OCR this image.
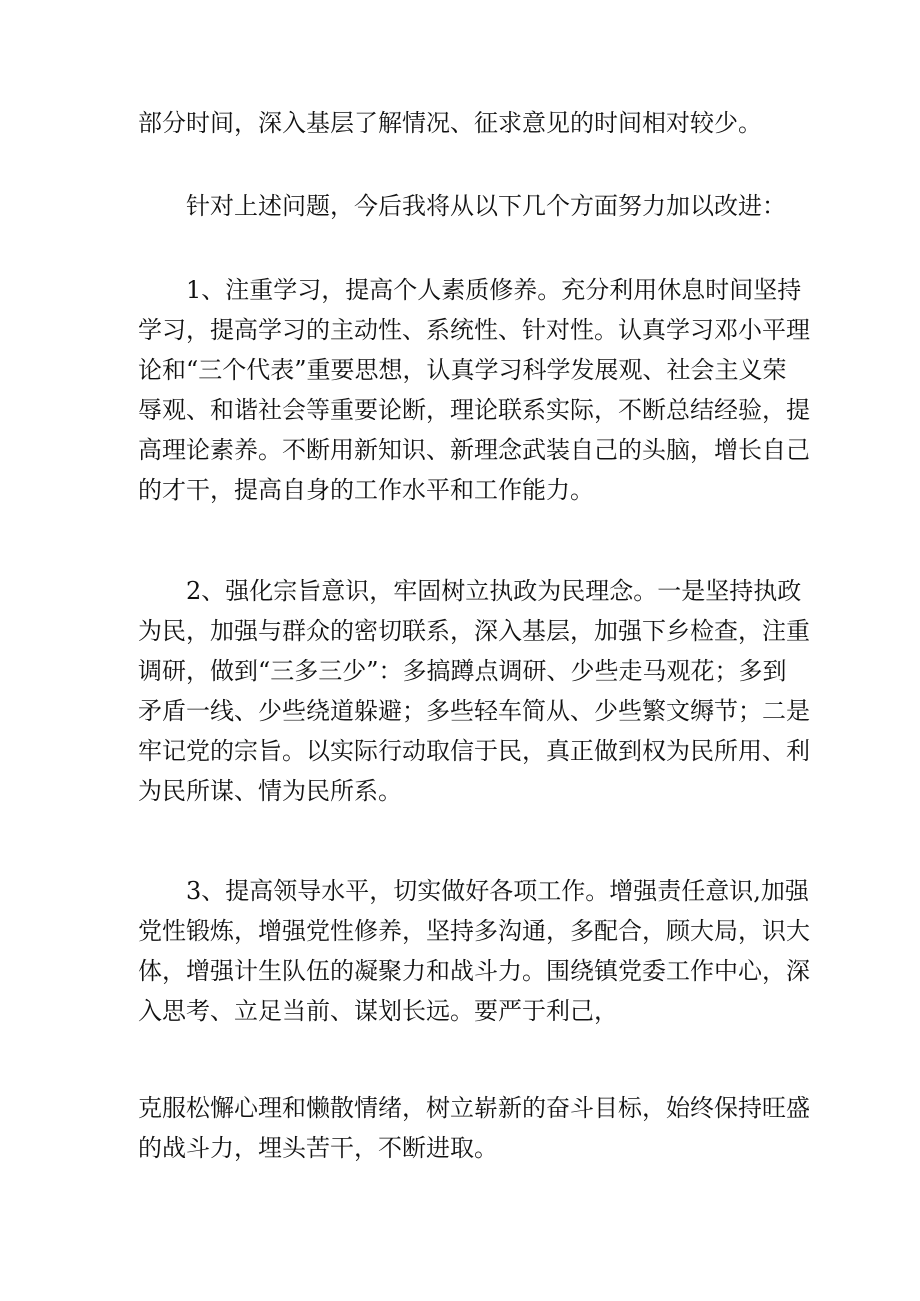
部分时间，深入基层了解情况、征求意见的时间相对较少。
针对上述问题，今后我将从以下几个方面努力加以改进：
1、注重学习，提高个人素质修养。充分利用休息时间坚持
学习，提高学习的主动性、系统性、针对性。认真学习邓小平理
论和“三个代表”重要思想，认真学习科学发展观、社会主义荣
辱观、和谐社会等重要论断，理论联系实际，不断总结经验，提
高理论素养。不断用新知识、新理念武装自己的头脑，增长自己
的才干，提高自身的工作水平和工作能力。
2、强化宗旨意识，牢固树立执政为民理念。一是坚持执政
为民，加强与群众的密切联系，深入基层，加强下乡检查，注重
调研，做到“三多三少”：多搞蹲点调研、少些走马观花；多到
矛盾一线、少些绕道躲避；多些轻车简从、少些繁文缛节；二是
牢记党的宗旨。以实际行动取信于民，真正做到权为民所用、利
为民所谋、情为民所系。
3、提高领导水平，切实做好各项工作。增强责任意识,加强
党性锻炼，增强党性修养，坚持多沟通，多配合，顾大局，识大
体，增强计生队伍的凝聚力和战斗力。围绕镇党委工作中心，深
入思考、立足当前、谋划长远。要严于利己，
克服松懈心理和懒散情绪，树立崭新的奋斗目标，始终保持旺盛
的战斗力，埋头苦干，不断进取。
